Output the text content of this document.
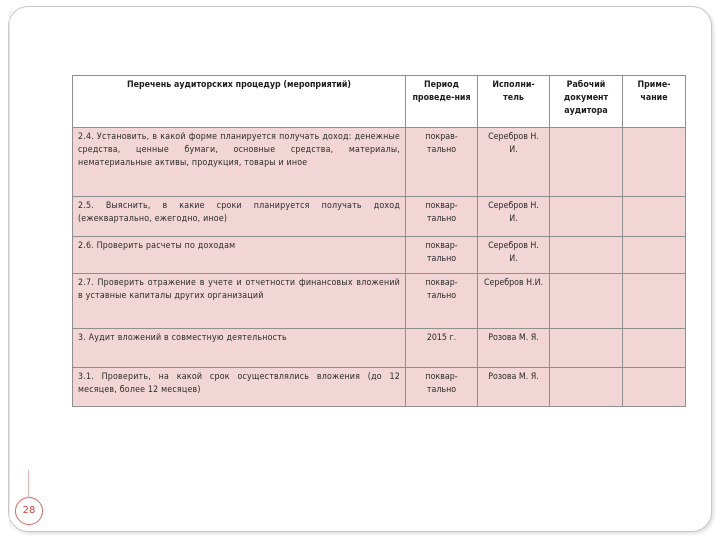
Перечень аудиторских процедур (мероприятий)	Период проведе-ния	Исполни-тель	Рабочий документ аудитора	Приме-чание
2.4. Установить, в какой форме планируется получать доход: денежные средства, ценные бумаги, основные средства, материалы, нематериальные активы, продукция, товары и иное	покрав-тально	Серебров Н. И.		
2.5. Выяснить, в какие сроки планируется получать доход (ежеквартально, ежегодно, иное)	поквар-тально	Серебров Н. И.		
2.6. Проверить расчеты по доходам	поквар-тально	Серебров Н. И.		
2.7. Проверить отражение в учете и отчетности финансовых вложений в уставные капиталы других организаций	поквар-тально	Серебров Н.И.		
3. Аудит вложений в совместную деятельность	2015 г.	Розова М. Я.		
3.1. Проверить, на какой срок осуществлялись вложения (до 12 месяцев, более 12 месяцев)	поквар-тально	Розова М. Я.		
28
